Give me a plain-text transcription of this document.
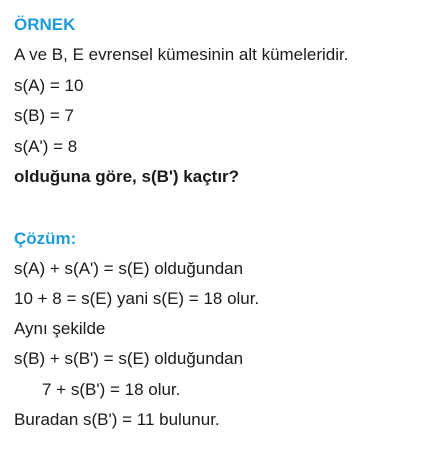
ÖRNEK
A ve B, E evrensel kümesinin alt kümeleridir.
s(A) = 10
s(B) = 7
s(A') = 8
olduğuna göre, s(B') kaçtır?
Çözüm:
s(A) + s(A') = s(E) olduğundan
10 + 8 = s(E) yani s(E) = 18 olur.
Aynı şekilde
s(B) + s(B') = s(E) olduğundan
7 + s(B') = 18 olur.
Buradan s(B') = 11 bulunur.
